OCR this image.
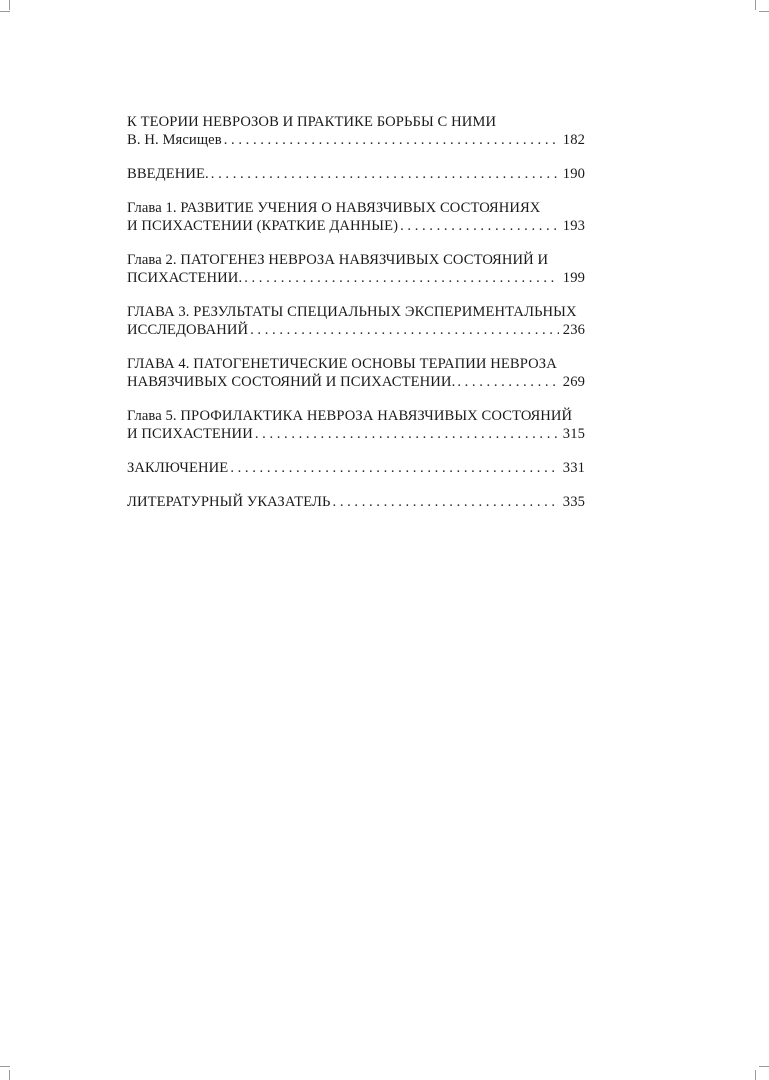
К ТЕОРИИ НЕВРОЗОВ И ПРАКТИКЕ БОРЬБЫ С НИМИ
В. Н. Мясищев . . .	182
ВВЕДЕНИЕ. . . .	190
Глава 1. РАЗВИТИЕ УЧЕНИЯ О НАВЯЗЧИВЫХ СОСТОЯНИЯХ
И ПСИХАСТЕНИИ (КРАТКИЕ ДАННЫЕ) . . .	193
Глава 2. ПАТОГЕНЕЗ НЕВРОЗА НАВЯЗЧИВЫХ СОСТОЯНИЙ И
ПСИХАСТЕНИИ. . . .	199
ГЛАВА 3. РЕЗУЛЬТАТЫ СПЕЦИАЛЬНЫХ ЭКСПЕРИМЕНТАЛЬНЫХ
ИССЛЕДОВАНИЙ . . .	236
ГЛАВА 4. ПАТОГЕНЕТИЧЕСКИЕ ОСНОВЫ ТЕРАПИИ НЕВРОЗА
НАВЯЗЧИВЫХ СОСТОЯНИЙ И ПСИХАСТЕНИИ. . . .	269
Глава 5. ПРОФИЛАКТИКА НЕВРОЗА НАВЯЗЧИВЫХ СОСТОЯНИЙ
И ПСИХАСТЕНИИ . . .	315
ЗАКЛЮЧЕНИЕ . . .	331
ЛИТЕРАТУРНЫЙ УКАЗАТЕЛЬ . . .	335
